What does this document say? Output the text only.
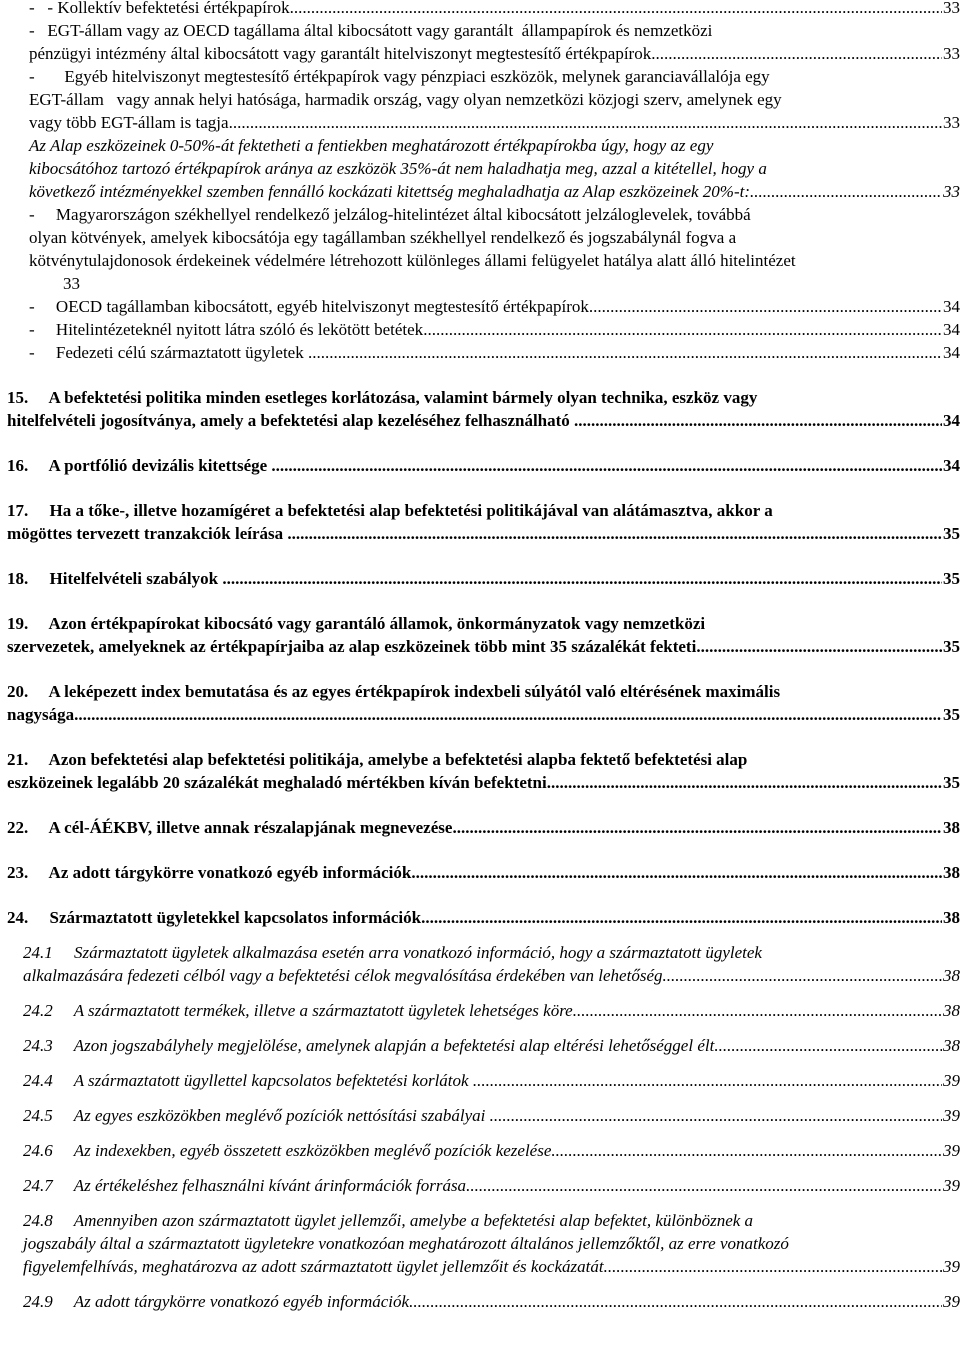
-   - Kollektív befektetési értékpapírok .....	33
-   EGT-állam vagy az OECD tagállama által kibocsátott vagy garantált  állampapírok és nemzetközi
pénzügyi intézmény által kibocsátott vagy garantált hitelviszonyt megtestesítő értékpapírok .....	33
-       Egyéb hitelviszonyt megtestesítő értékpapírok vagy pénzpiaci eszközök, melynek garanciavállalója egy
EGT-állam   vagy annak helyi hatósága, harmadik ország, vagy olyan nemzetközi közjogi szerv, amelynek egy
vagy több EGT-állam is tagja .....	33
Az Alap eszközeinek 0-50%-át fektetheti a fentiekben meghatározott értékpapírokba úgy, hogy az egy
kibocsátóhoz tartozó értékpapírok aránya az eszközök 35%-át nem haladhatja meg, azzal a kitétellel, hogy a
következő intézményekkel szemben fennálló kockázati kitettség meghaladhatja az Alap eszközeinek 20%-t: .....	33
-     Magyarországon székhellyel rendelkező jelzálog-hitelintézet által kibocsátott jelzáloglevelek, továbbá
olyan kötvények, amelyek kibocsátója egy tagállamban székhellyel rendelkező és jogszabálynál fogva a
kötvénytulajdonosok érdekeinek védelmére létrehozott különleges állami felügyelet hatálya alatt álló hitelintézet
33
-     OECD tagállamban kibocsátott, egyéb hitelviszonyt megtestesítő értékpapírok .....	34
-     Hitelintézeteknél nyitott látra szóló és lekötött betétek .....	34
-     Fedezeti célú származtatott ügyletek .....	34
15.     A befektetési politika minden esetleges korlátozása, valamint bármely olyan technika, eszköz vagy
hitelfelvételi jogosítványa, amely a befektetési alap kezeléséhez felhasználható .....	34
16.     A portfólió devizális kitettsége .....	34
17.     Ha a tőke-, illetve hozamígéret a befektetési alap befektetési politikájával van alátámasztva, akkor a
mögöttes tervezett tranzakciók leírása .....	35
18.     Hitelfelvételi szabályok .....	35
19.     Azon értékpapírokat kibocsátó vagy garantáló államok, önkormányzatok vagy nemzetközi
szervezetek, amelyeknek az értékpapírjaiba az alap eszközeinek több mint 35 százalékát fekteti .....	35
20.     A leképezett index bemutatása és az egyes értékpapírok indexbeli súlyától való eltérésének maximális
nagysága .....	35
21.     Azon befektetési alap befektetési politikája, amelybe a befektetési alapba fektető befektetési alap
eszközeinek legalább 20 százalékát meghaladó mértékben kíván befektetni .....	35
22.     A cél-ÁÉKBV, illetve annak részalapjának megnevezése .....	38
23.     Az adott tárgykörre vonatkozó egyéb információk .....	38
24.     Származtatott ügyletekkel kapcsolatos információk .....	38
24.1     Származtatott ügyletek alkalmazása esetén arra vonatkozó információ, hogy a származtatott ügyletek
alkalmazására fedezeti célból vagy a befektetési célok megvalósítása érdekében van lehetőség .....	38
24.2     A származtatott termékek, illetve a származtatott ügyletek lehetséges köre .....	38
24.3     Azon jogszabályhely megjelölése, amelynek alapján a befektetési alap eltérési lehetőséggel élt .....	38
24.4     A származtatott ügyllettel kapcsolatos befektetési korlátok .....	39
24.5     Az egyes eszközökben meglévő pozíciók nettósítási szabályai .....	39
24.6     Az indexekben, egyéb összetett eszközökben meglévő pozíciók kezelése .....	39
24.7     Az értékeléshez felhasználni kívánt árinformációk forrása .....	39
24.8     Amennyiben azon származtatott ügylet jellemzői, amelybe a befektetési alap befektet, különböznek a
jogszabály által a származtatott ügyletekre vonatkozóan meghatározott általános jellemzőktől, az erre vonatkozó
figyelemfelhívás, meghatározva az adott származtatott ügylet jellemzőit és kockázatát .....	39
24.9     Az adott tárgykörre vonatkozó egyéb információk .....	39
